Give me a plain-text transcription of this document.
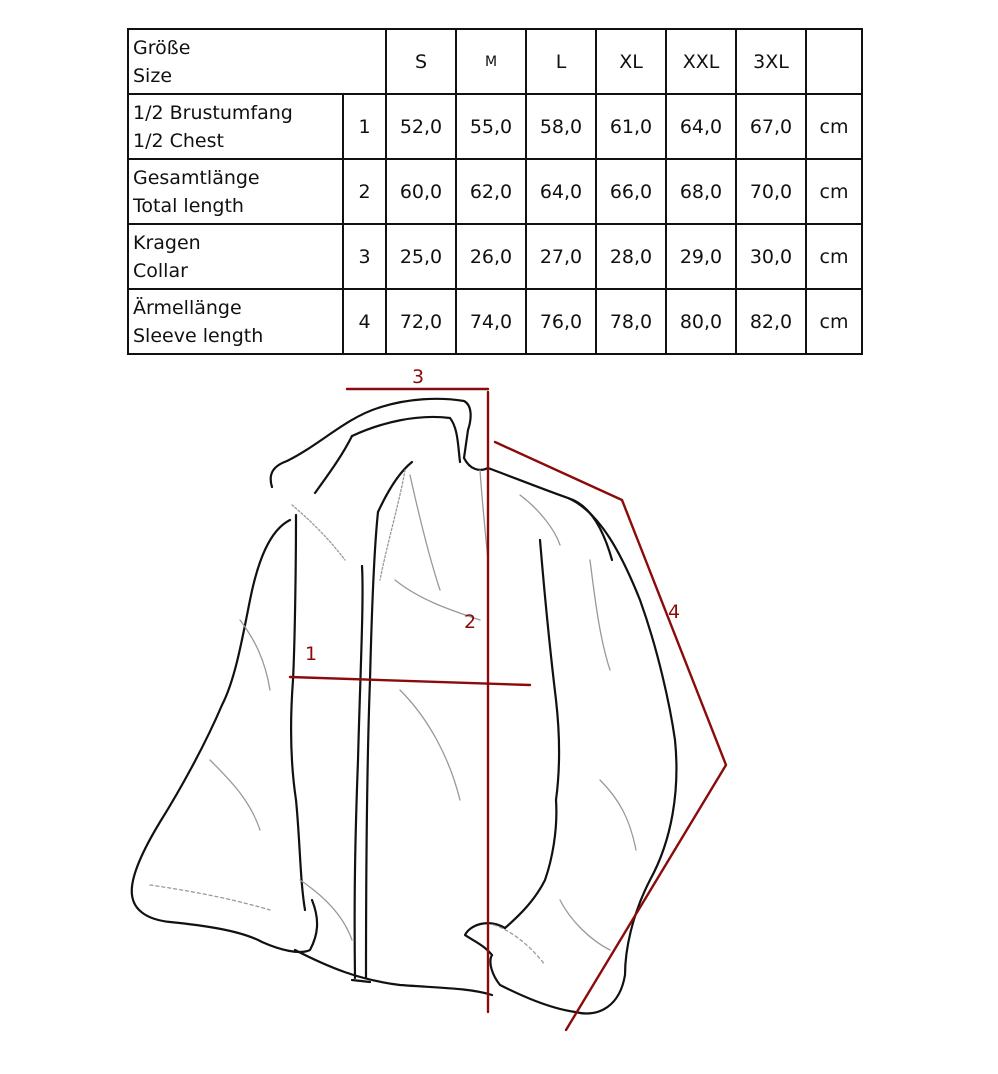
Größe
Size		S	M	L	XL	XXL	3XL	

1/2 Brustumfang
1/2 Chest	1	52,0	55,0	58,0	61,0	64,0	67,0	cm

Gesamtlänge
Total length	2	60,0	62,0	64,0	66,0	68,0	70,0	cm

Kragen
Collar	3	25,0	26,0	27,0	28,0	29,0	30,0	cm

Ärmellänge
Sleeve length	4	72,0	74,0	76,0	78,0	80,0	82,0	cm
3
2
1
4
